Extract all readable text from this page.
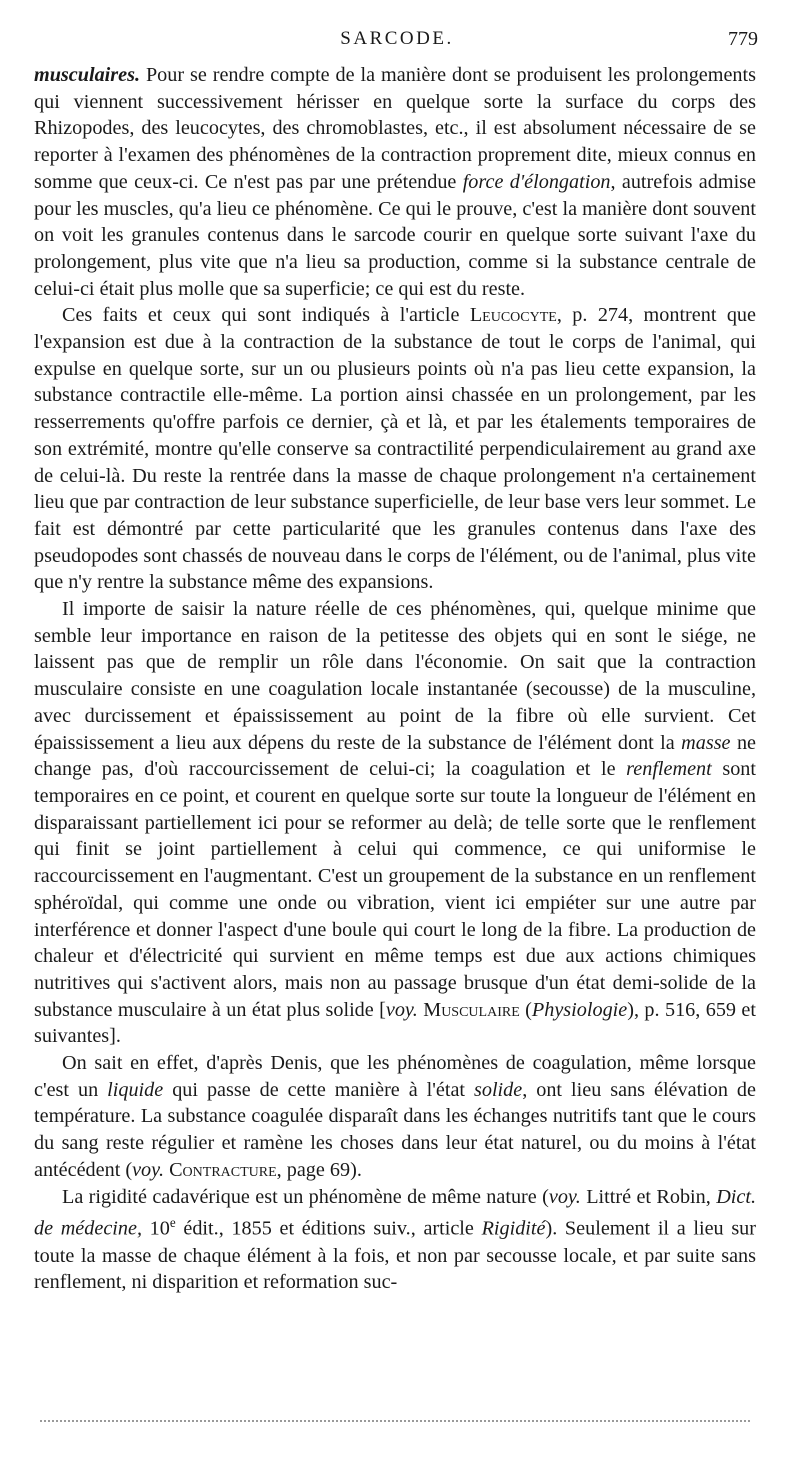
SARCODE.	779

musculaires. Pour se rendre compte de la manière dont se produisent les prolongements qui viennent successivement hérisser en quelque sorte la surface du corps des Rhizopodes, des leucocytes, des chromoblastes, etc., il est absolument nécessaire de se reporter à l'examen des phénomènes de la contraction proprement dite, mieux connus en somme que ceux-ci. Ce n'est pas par une prétendue force d'élongation, autrefois admise pour les muscles, qu'a lieu ce phénomène. Ce qui le prouve, c'est la manière dont souvent on voit les granules contenus dans le sarcode courir en quelque sorte suivant l'axe du prolongement, plus vite que n'a lieu sa production, comme si la substance centrale de celui-ci était plus molle que sa superficie; ce qui est du reste.

Ces faits et ceux qui sont indiqués à l'article Leucocyte, p. 274, montrent que l'expansion est due à la contraction de la substance de tout le corps de l'animal, qui expulse en quelque sorte, sur un ou plusieurs points où n'a pas lieu cette expansion, la substance contractile elle-même. La portion ainsi chassée en un prolongement, par les resserrements qu'offre parfois ce dernier, çà et là, et par les étalements temporaires de son extrémité, montre qu'elle conserve sa contractilité perpendiculairement au grand axe de celui-là. Du reste la rentrée dans la masse de chaque prolongement n'a certainement lieu que par contraction de leur substance superficielle, de leur base vers leur sommet. Le fait est démontré par cette particularité que les granules contenus dans l'axe des pseudopodes sont chassés de nouveau dans le corps de l'élément, ou de l'animal, plus vite que n'y rentre la substance même des expansions.

Il importe de saisir la nature réelle de ces phénomènes, qui, quelque minime que semble leur importance en raison de la petitesse des objets qui en sont le siége, ne laissent pas que de remplir un rôle dans l'économie. On sait que la contraction musculaire consiste en une coagulation locale instantanée (secousse) de la musculine, avec durcissement et épaississement au point de la fibre où elle survient. Cet épaississement a lieu aux dépens du reste de la substance de l'élément dont la masse ne change pas, d'où raccourcissement de celui-ci; la coagulation et le renflement sont temporaires en ce point, et courent en quelque sorte sur toute la longueur de l'élément en disparaissant partiellement ici pour se reformer au delà; de telle sorte que le renflement qui finit se joint partiellement à celui qui commence, ce qui uniformise le raccourcissement en l'augmentant. C'est un groupement de la substance en un renflement sphéroïdal, qui comme une onde ou vibration, vient ici empiéter sur une autre par interférence et donner l'aspect d'une boule qui court le long de la fibre. La production de chaleur et d'électricité qui survient en même temps est due aux actions chimiques nutritives qui s'activent alors, mais non au passage brusque d'un état demi-solide de la substance musculaire à un état plus solide [voy. Musculaire (Physiologie), p. 516, 659 et suivantes].

On sait en effet, d'après Denis, que les phénomènes de coagulation, même lorsque c'est un liquide qui passe de cette manière à l'état solide, ont lieu sans élévation de température. La substance coagulée disparaît dans les échanges nutritifs tant que le cours du sang reste régulier et ramène les choses dans leur état naturel, ou du moins à l'état antécédent (voy. Contracture, page 69).

La rigidité cadavérique est un phénomène de même nature (voy. Littré et Robin, Dict. de médecine, 10e édit., 1855 et éditions suiv., article Rigidité). Seulement il a lieu sur toute la masse de chaque élément à la fois, et non par secousse locale, et par suite sans renflement, ni disparition et reformation suc-
